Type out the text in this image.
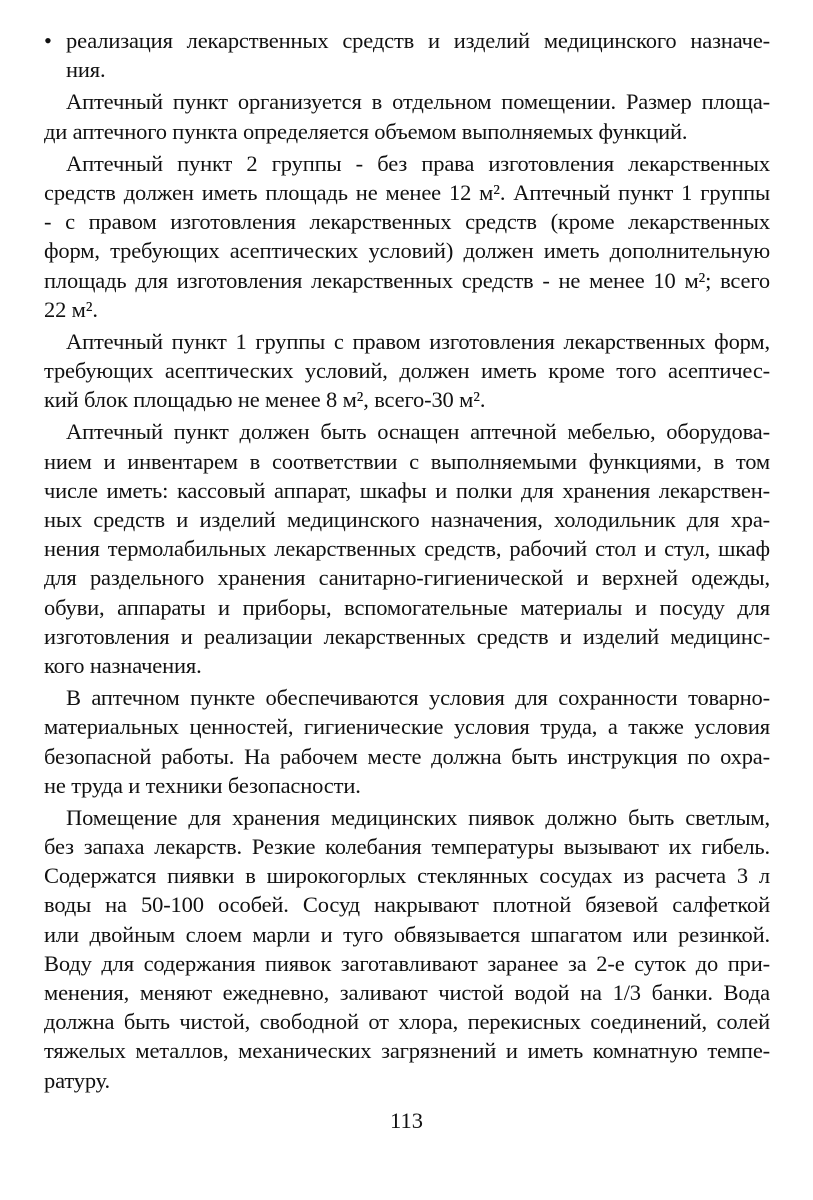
• реализация лекарственных средств и изделий медицинского назначе-
ния.
Аптечный пункт организуется в отдельном помещении. Размер площа-
ди аптечного пункта определяется объемом выполняемых функций.
Аптечный пункт 2 группы - без права изготовления лекарственных
средств должен иметь площадь не менее 12 м². Аптечный пункт 1 группы
- с правом изготовления лекарственных средств (кроме лекарственных
форм, требующих асептических условий) должен иметь дополнительную
площадь для изготовления лекарственных средств - не менее 10 м²; всего
22 м².
Аптечный пункт 1 группы с правом изготовления лекарственных форм,
требующих асептических условий, должен иметь кроме того асептичес-
кий блок площадью не менее 8 м², всего-30 м².
Аптечный пункт должен быть оснащен аптечной мебелью, оборудова-
нием и инвентарем в соответствии с выполняемыми функциями, в том
числе иметь: кассовый аппарат, шкафы и полки для хранения лекарствен-
ных средств и изделий медицинского назначения, холодильник для хра-
нения термолабильных лекарственных средств, рабочий стол и стул, шкаф
для раздельного хранения санитарно-гигиенической и верхней одежды,
обуви, аппараты и приборы, вспомогательные материалы и посуду для
изготовления и реализации лекарственных средств и изделий медицинс-
кого назначения.
В аптечном пункте обеспечиваются условия для сохранности товарно-
материальных ценностей, гигиенические условия труда, а также условия
безопасной работы. На рабочем месте должна быть инструкция по охра-
не труда и техники безопасности.
Помещение для хранения медицинских пиявок должно быть светлым,
без запаха лекарств. Резкие колебания температуры вызывают их гибель.
Содержатся пиявки в широкогорлых стеклянных сосудах из расчета 3 л
воды на 50-100 особей. Сосуд накрывают плотной бязевой салфеткой
или двойным слоем марли и туго обвязывается шпагатом или резинкой.
Воду для содержания пиявок заготавливают заранее за 2-е суток до при-
менения, меняют ежедневно, заливают чистой водой на 1/3 банки. Вода
должна быть чистой, свободной от хлора, перекисных соединений, солей
тяжелых металлов, механических загрязнений и иметь комнатную темпе-
ратуру.
113
